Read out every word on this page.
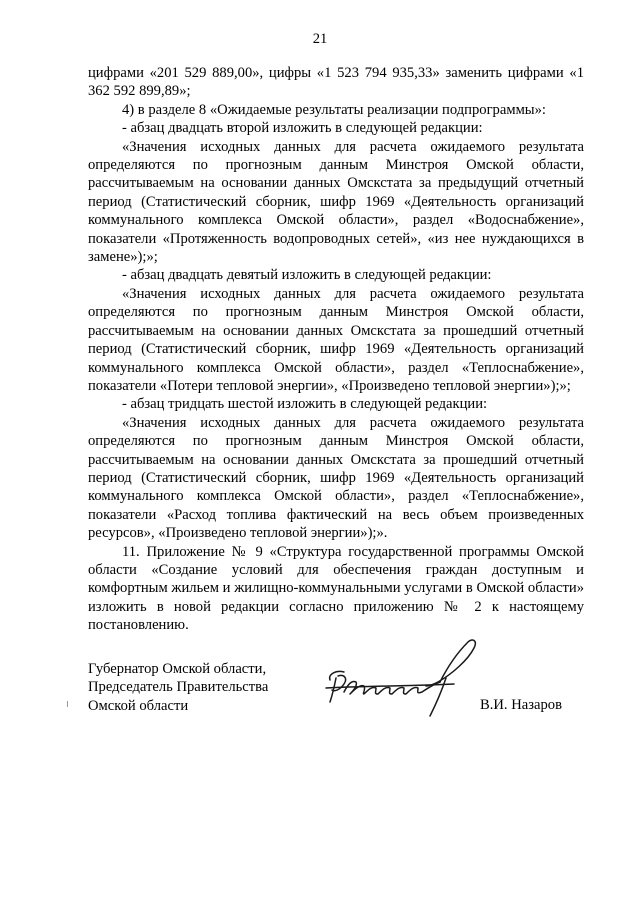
21

цифрами «201 529 889,00», цифры «1 523 794 935,33» заменить цифрами «1 362 592 899,89»;

4) в разделе 8 «Ожидаемые результаты реализации подпрограммы»:

- абзац двадцать второй изложить в следующей редакции:

«Значения исходных данных для расчета ожидаемого результата определяются по прогнозным данным Минстроя Омской области, рассчитываемым на основании данных Омскстата за предыдущий отчетный период (Статистический сборник, шифр 1969 «Деятельность организаций коммунального комплекса Омской области», раздел «Водоснабжение», показатели «Протяженность водопроводных сетей», «из нее нуждающихся в замене»);»;

- абзац двадцать девятый изложить в следующей редакции:

«Значения исходных данных для расчета ожидаемого результата определяются по прогнозным данным Минстроя Омской области, рассчитываемым на основании данных Омскстата за прошедший отчетный период (Статистический сборник, шифр 1969 «Деятельность организаций коммунального комплекса Омской области», раздел «Теплоснабжение», показатели «Потери тепловой энергии», «Произведено тепловой энергии»);»;

- абзац тридцать шестой изложить в следующей редакции:

«Значения исходных данных для расчета ожидаемого результата определяются по прогнозным данным Минстроя Омской области, рассчитываемым на основании данных Омскстата за прошедший отчетный период (Статистический сборник, шифр 1969 «Деятельность организаций коммунального комплекса Омской области», раздел «Теплоснабжение», показатели «Расход топлива фактический на весь объем произведенных ресурсов», «Произведено тепловой энергии»);».

11. Приложение № 9 «Структура государственной программы Омской области «Создание условий для обеспечения граждан доступным и комфортным жильем и жилищно-коммунальными услугами в Омской области» изложить в новой редакции согласно приложению № 2 к настоящему постановлению.

Губернатор Омской области,
Председатель Правительства
Омской области	В.И. Назаров
